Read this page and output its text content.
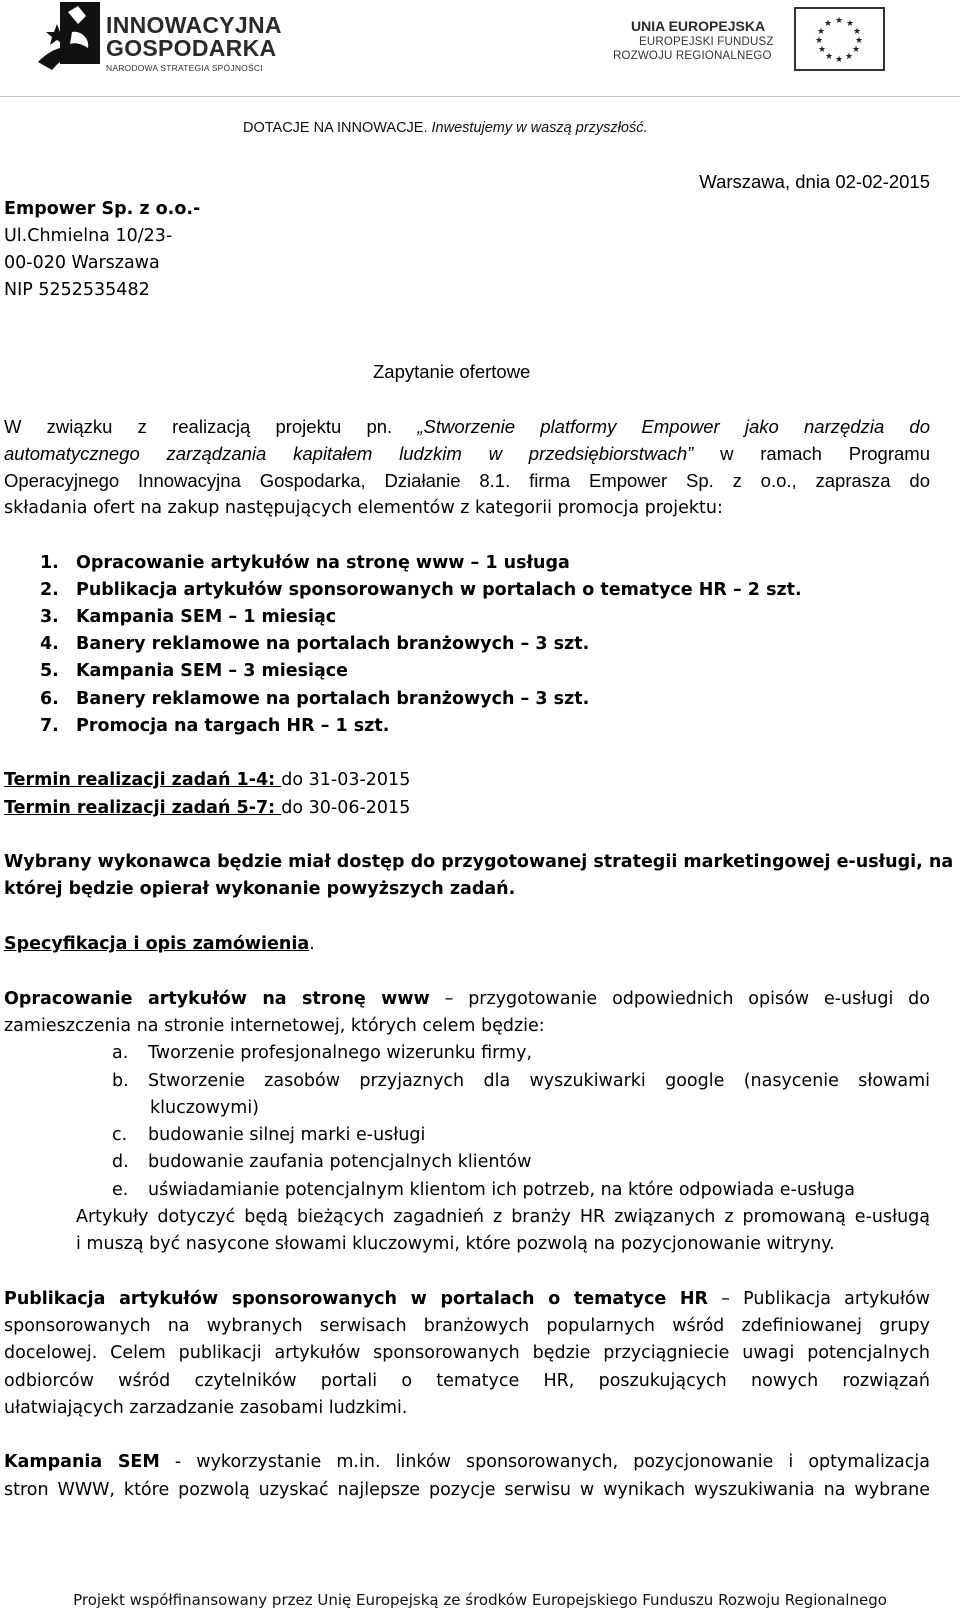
INNOWACYJNA
GOSPODARKA
NARODOWA STRATEGIA SPÓJNOŚCI
UNIA EUROPEJSKA
EUROPEJSKI FUNDUSZ
ROZWOJU REGIONALNEGO
★ ★
★
★
★
★
★
★
★
★
★
★
DOTACJE NA INNOWACJE. Inwestujemy w waszą przyszłość.
Empower Sp. z o.o.-
Ul.Chmielna 10/23-
00-020 Warszawa
NIP 5252535482
Warszawa, dnia 02-02-2015
Zapytanie ofertowe
W związku z realizacją projektu pn. „Stworzenie platformy Empower jako narzędzia do
automatycznego zarządzania kapitałem ludzkim w przedsiębiorstwach” w ramach Programu
Operacyjnego Innowacyjna Gospodarka, Działanie 8.1. firma Empower Sp. z o.o., zaprasza do
składania ofert na zakup następujących elementów z kategorii promocja projektu:
1. Opracowanie artykułów na stronę www – 1 usługa
2. Publikacja artykułów sponsorowanych w portalach o tematyce HR – 2 szt.
3. Kampania SEM – 1 miesiąc
4. Banery reklamowe na portalach branżowych – 3 szt.
5. Kampania SEM – 3 miesiące
6. Banery reklamowe na portalach branżowych – 3 szt.
7. Promocja na targach HR – 1 szt.
Termin realizacji zadań 1-4: do 31-03-2015
Termin realizacji zadań 5-7: do 30-06-2015
Wybrany wykonawca będzie miał dostęp do przygotowanej strategii marketingowej e-usługi, na
której będzie opierał wykonanie powyższych zadań.
Specyfikacja i opis zamówienia.
Opracowanie artykułów na stronę www – przygotowanie odpowiednich opisów e-usługi do
zamieszczenia na stronie internetowej, których celem będzie:
a. Tworzenie profesjonalnego wizerunku firmy,
b. Stworzenie zasobów przyjaznych dla wyszukiwarki google (nasycenie słowami
kluczowymi)
c. budowanie silnej marki e-usługi
d. budowanie zaufania potencjalnych klientów
e. uświadamianie potencjalnym klientom ich potrzeb, na które odpowiada e-usługa
Artykuły dotyczyć będą bieżących zagadnień z branży HR związanych z promowaną e-usługą
i muszą być nasycone słowami kluczowymi, które pozwolą na pozycjonowanie witryny.
Publikacja artykułów sponsorowanych w portalach o tematyce HR – Publikacja artykułów
sponsorowanych na wybranych serwisach branżowych popularnych wśród zdefiniowanej grupy
docelowej. Celem publikacji artykułów sponsorowanych będzie przyciągniecie uwagi potencjalnych
odbiorców wśród czytelników portali o tematyce HR, poszukujących nowych rozwiązań
ułatwiających zarzadzanie zasobami ludzkimi.
Kampania SEM - wykorzystanie m.in. linków sponsorowanych, pozycjonowanie i optymalizacja
stron WWW, które pozwolą uzyskać najlepsze pozycje serwisu w wynikach wyszukiwania na wybrane
Projekt współfinansowany przez Unię Europejską ze środków Europejskiego Funduszu Rozwoju Regionalnego
